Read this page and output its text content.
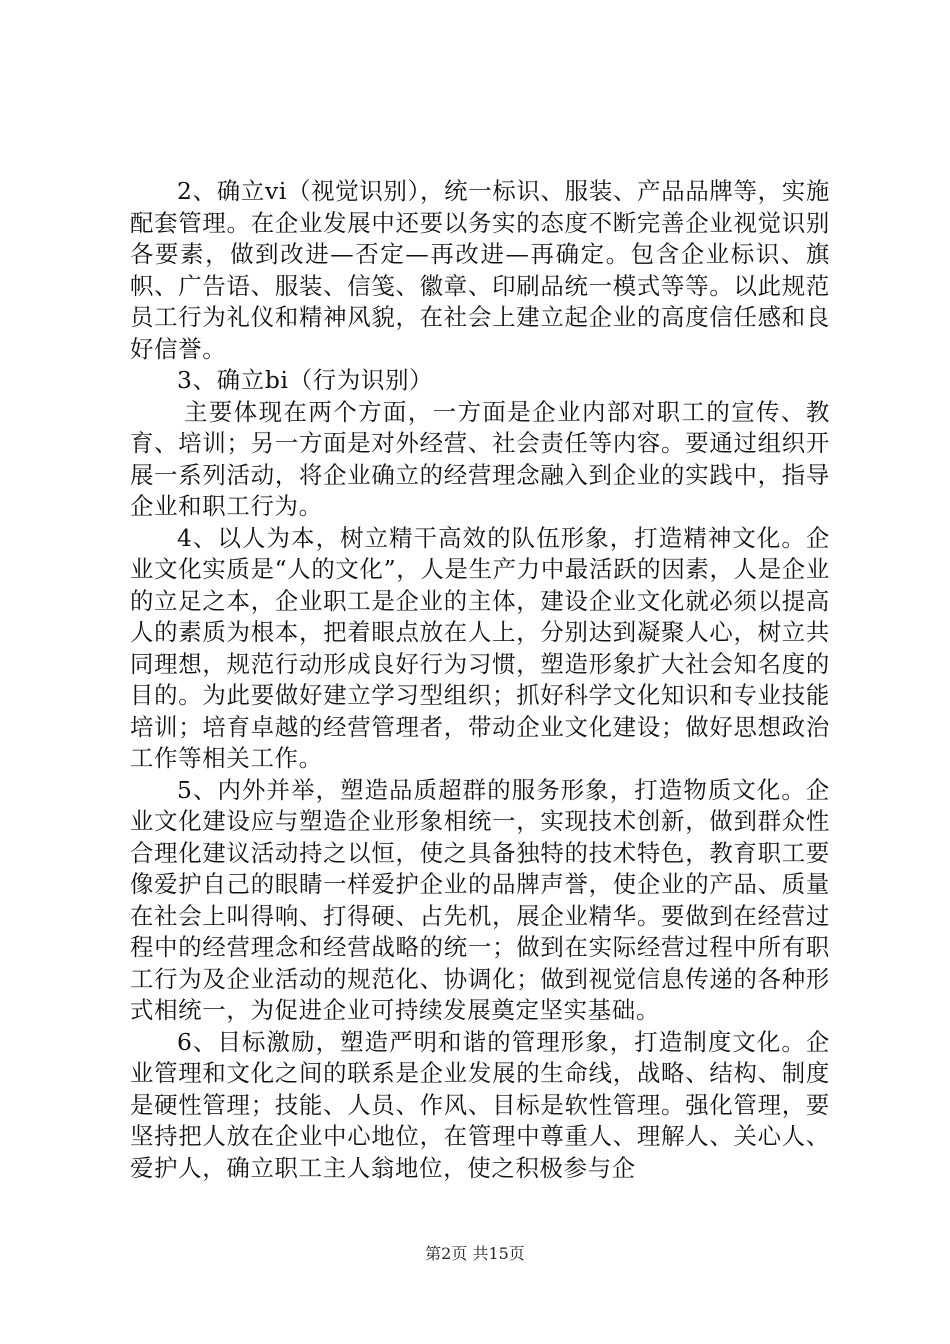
2、确立vi（视觉识别），统一标识、服装、产品品牌等，实施配套管理。在企业发展中还要以务实的态度不断完善企业视觉识别各要素，做到改进—否定—再改进—再确定。包含企业标识、旗帜、广告语、服装、信笺、徽章、印刷品统一模式等等。以此规范员工行为礼仪和精神风貌，在社会上建立起企业的高度信任感和良好信誉。

3、确立bi（行为识别）

主要体现在两个方面，一方面是企业内部对职工的宣传、教育、培训；另一方面是对外经营、社会责任等内容。要通过组织开展一系列活动，将企业确立的经营理念融入到企业的实践中，指导企业和职工行为。

4、以人为本，树立精干高效的队伍形象，打造精神文化。企业文化实质是“人的文化”，人是生产力中最活跃的因素，人是企业的立足之本，企业职工是企业的主体，建设企业文化就必须以提高人的素质为根本，把着眼点放在人上，分别达到凝聚人心，树立共同理想，规范行动形成良好行为习惯，塑造形象扩大社会知名度的目的。为此要做好建立学习型组织；抓好科学文化知识和专业技能培训；培育卓越的经营管理者，带动企业文化建设；做好思想政治工作等相关工作。

5、内外并举，塑造品质超群的服务形象，打造物质文化。企业文化建设应与塑造企业形象相统一，实现技术创新，做到群众性合理化建议活动持之以恒，使之具备独特的技术特色，教育职工要像爱护自己的眼睛一样爱护企业的品牌声誉，使企业的产品、质量在社会上叫得响、打得硬、占先机，展企业精华。要做到在经营过程中的经营理念和经营战略的统一；做到在实际经营过程中所有职工行为及企业活动的规范化、协调化；做到视觉信息传递的各种形式相统一，为促进企业可持续发展奠定坚实基础。

6、目标激励，塑造严明和谐的管理形象，打造制度文化。企业管理和文化之间的联系是企业发展的生命线，战略、结构、制度是硬性管理；技能、人员、作风、目标是软性管理。强化管理，要坚持把人放在企业中心地位，在管理中尊重人、理解人、关心人、爱护人，确立职工主人翁地位，使之积极参与企

第2页 共15页
